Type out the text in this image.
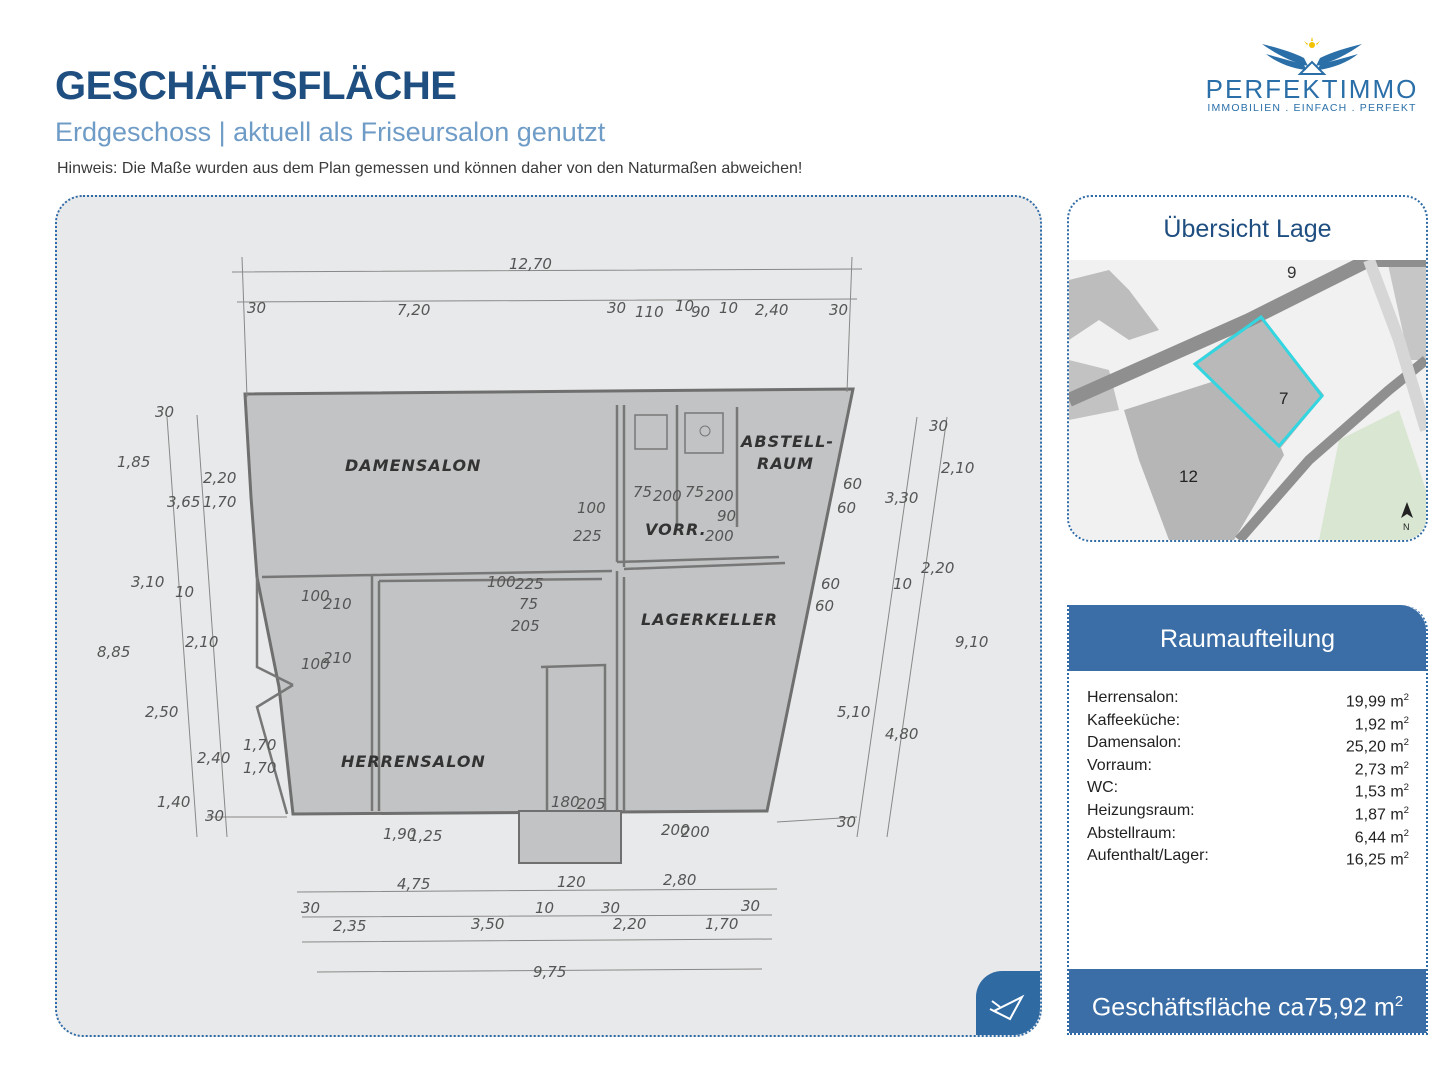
GESCHÄFTSFLÄCHE
Erdgeschoss | aktuell als Friseursalon genutzt
Hinweis: Die Maße wurden aus dem Plan gemessen und können daher von den Naturmaßen abweichen!
PERFEKTIMMO
IMMOBILIEN . EINFACH . PERFEKT
DAMENSALON
ABSTELL-
RAUM
VORR.
LAGERKELLER
HERRENSALON
12,70
30	7,20	30 110 10
90 10 2,40	30
8,85
1,85
30
3,65
2,20
1,70
3,10
10
2,10
2,50
2,40
1,70
1,70
1,40
30
30
2,10
3,30
60
60
2,20
10
60
60
9,10
5,10
4,80
30
100
225
75 200 75 200
90
200
100 225
75
205
100
210
100
210
180
205
1,90
1,25	200
200
4,75	120	2,80
30	10	30	30
2,35	3,50	2,20	1,70
9,75
Übersicht Lage
9
7
12
N
Raumaufteilung
Herrensalon:	19,99 $m^2$
Kaffeeküche:	1,92 $m^2$
Damensalon:	25,20 $m^2$
Vorraum:	2,73 $m^2$
WC:	1,53 $m^2$
Heizungsraum:	1,87 $m^2$
Abstellraum:	6,44 $m^2$
Aufenthalt/Lager:	16,25 $m^2$
Geschäftsfläche ca75,92 $m^2$
